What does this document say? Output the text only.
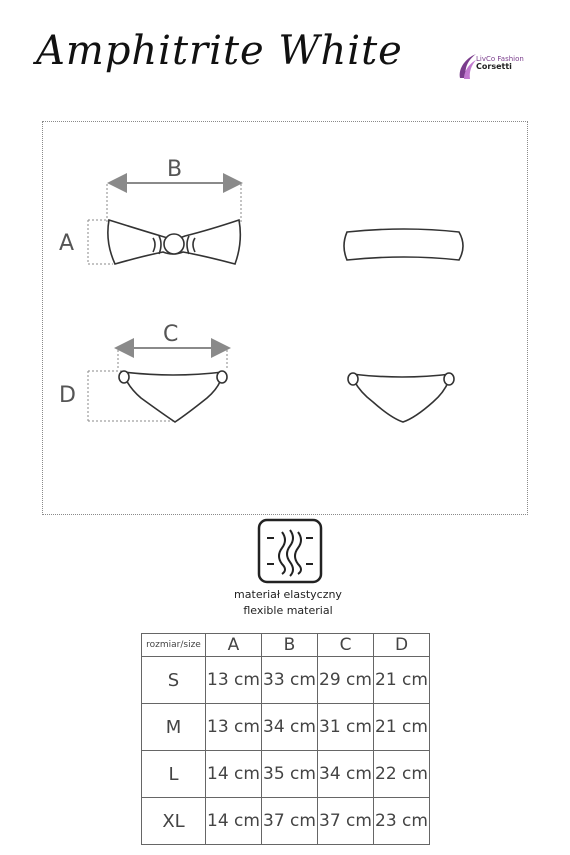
Amphitrite White	LivCo Fashion
Corsetti
B
A
C
D
materiał elastyczny
flexible material
rozmiar/size	A	B	C	D
S	13 cm	33 cm	29 cm	21 cm
M	13 cm	34 cm	31 cm	21 cm
L	14 cm	35 cm	34 cm	22 cm
XL	14 cm	37 cm	37 cm	23 cm
